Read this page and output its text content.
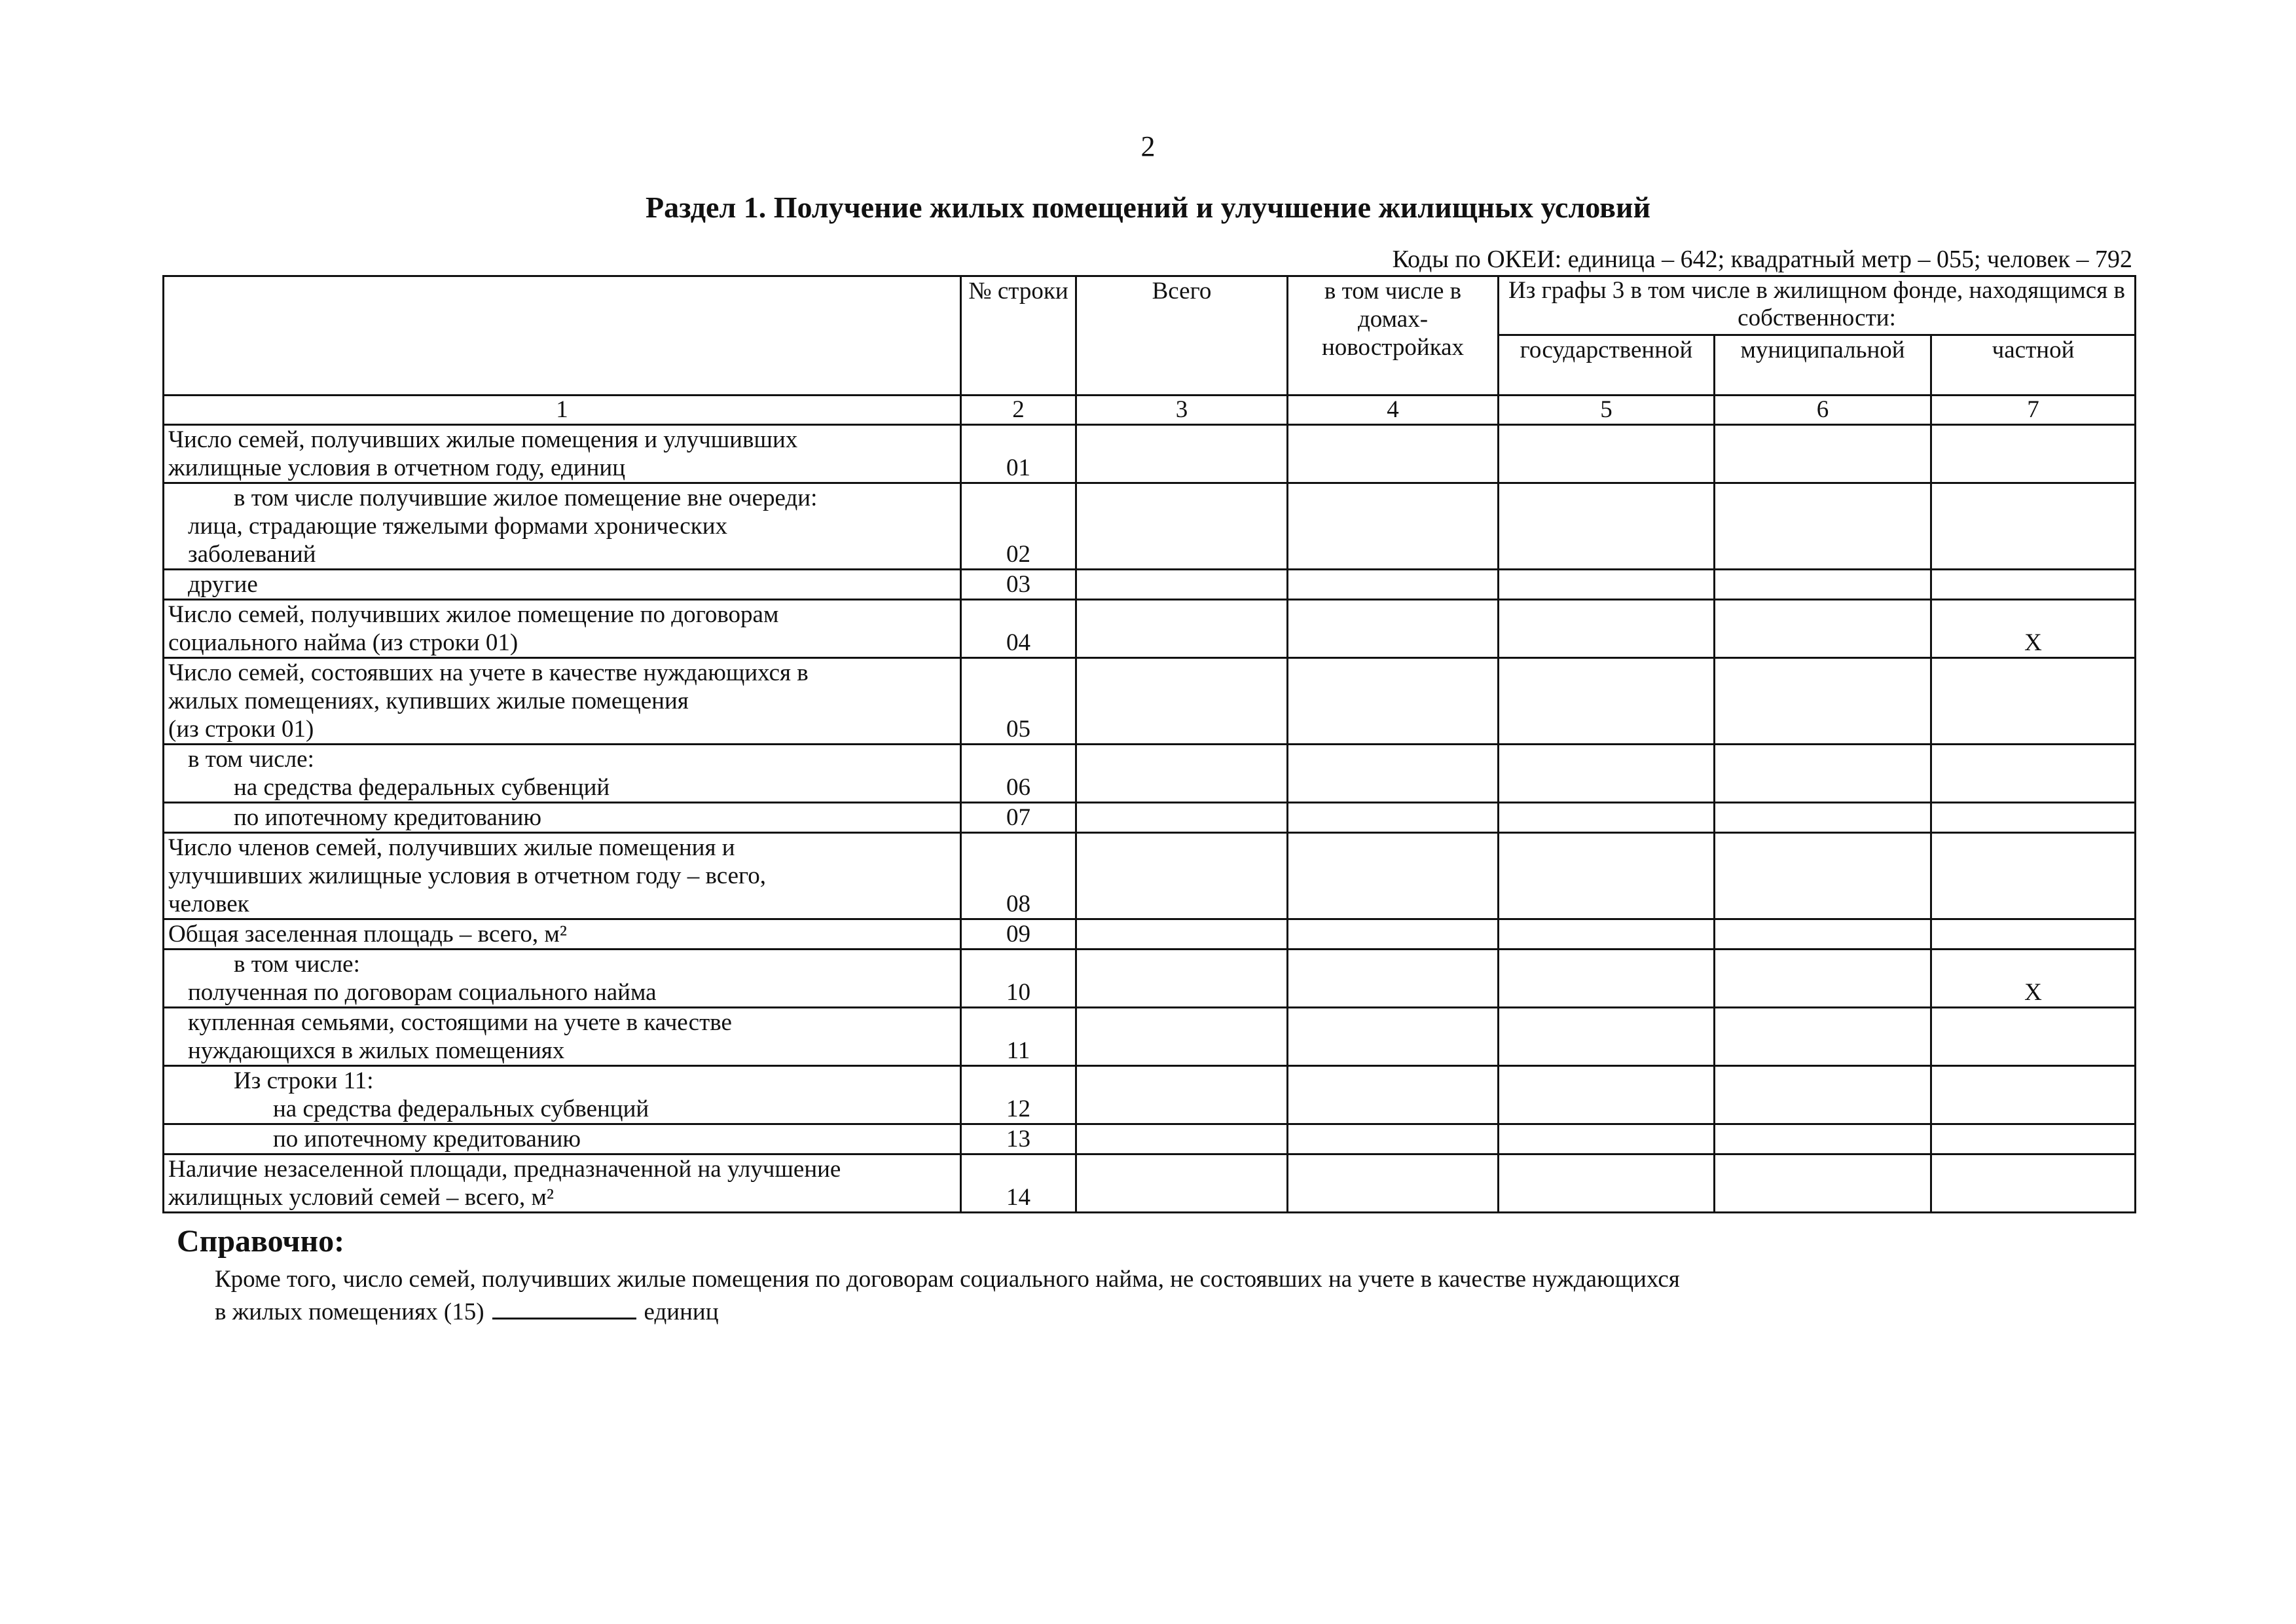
2
Раздел 1. Получение жилых помещений и улучшение жилищных условий
Коды по ОКЕИ: единица – 642; квадратный метр – 055; человек – 792
	№ строки	Всего	в том числе в домах-новостройках	Из графы 3 в том числе в жилищном фонде, находящимся в собственности:		
				государственной	муниципальной	частной
1	2	3	4	5	6	7

Число семей, получивших жилые помещения и улучшивших
жилищные условия в отчетном году, единиц	01					

в том числе получившие жилое помещение вне очереди:
лица, страдающие тяжелыми формами хронических
заболеваний	02					

другие	03					

Число семей, получивших жилое помещение по договорам
социального найма (из строки 01)	04					X

Число семей, состоявших на учете в качестве нуждающихся в
жилых помещениях, купивших жилые помещения
(из строки 01)	05					

в том числе:
на средства федеральных субвенций	06					

по ипотечному кредитованию	07					

Число членов семей, получивших жилые помещения и
улучшивших жилищные условия в отчетном году – всего,
человек	08					

Общая заселенная площадь – всего, м²	09					

в том числе:
полученная по договорам социального найма	10					X

купленная семьями, состоящими на учете в качестве
нуждающихся в жилых помещениях	11					

Из строки 11:
на средства федеральных субвенций	12					

по ипотечному кредитованию	13					

Наличие незаселенной площади, предназначенной на улучшение
жилищных условий семей – всего, м²	14					
Справочно:
Кроме того, число семей, получивших жилые помещения по договорам социального найма, не состоявших на учете в качестве нуждающихся
в жилых помещениях (15)	единиц
